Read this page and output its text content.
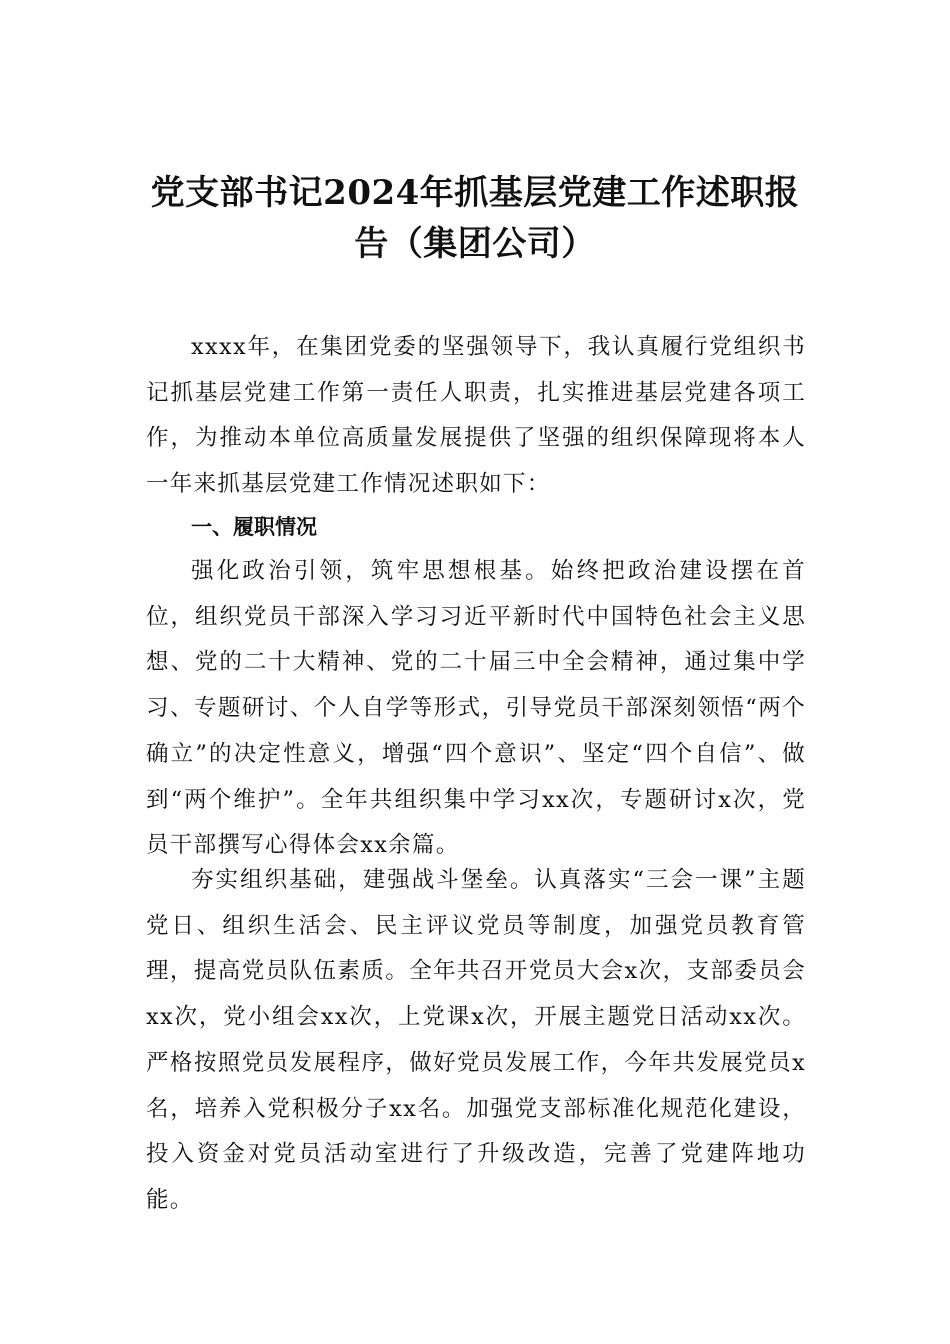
党支部书记2024年抓基层党建工作述职报告（集团公司）

xxxx年，在集团党委的坚强领导下，我认真履行党组织书记抓基层党建工作第一责任人职责，扎实推进基层党建各项工作，为推动本单位高质量发展提供了坚强的组织保障现将本人一年来抓基层党建工作情况述职如下：

一、履职情况

强化政治引领，筑牢思想根基。始终把政治建设摆在首位，组织党员干部深入学习习近平新时代中国特色社会主义思想、党的二十大精神、党的二十届三中全会精神，通过集中学习、专题研讨、个人自学等形式，引导党员干部深刻领悟“两个确立”的决定性意义，增强“四个意识”、坚定“四个自信”、做到“两个维护”。全年共组织集中学习xx次，专题研讨x次，党员干部撰写心得体会xx余篇。

夯实组织基础，建强战斗堡垒。认真落实“三会一课”主题党日、组织生活会、民主评议党员等制度，加强党员教育管理，提高党员队伍素质。全年共召开党员大会x次，支部委员会xx次，党小组会xx次，上党课x次，开展主题党日活动xx次。严格按照党员发展程序，做好党员发展工作，今年共发展党员x名，培养入党积极分子xx名。加强党支部标准化规范化建设，投入资金对党员活动室进行了升级改造，完善了党建阵地功能。
